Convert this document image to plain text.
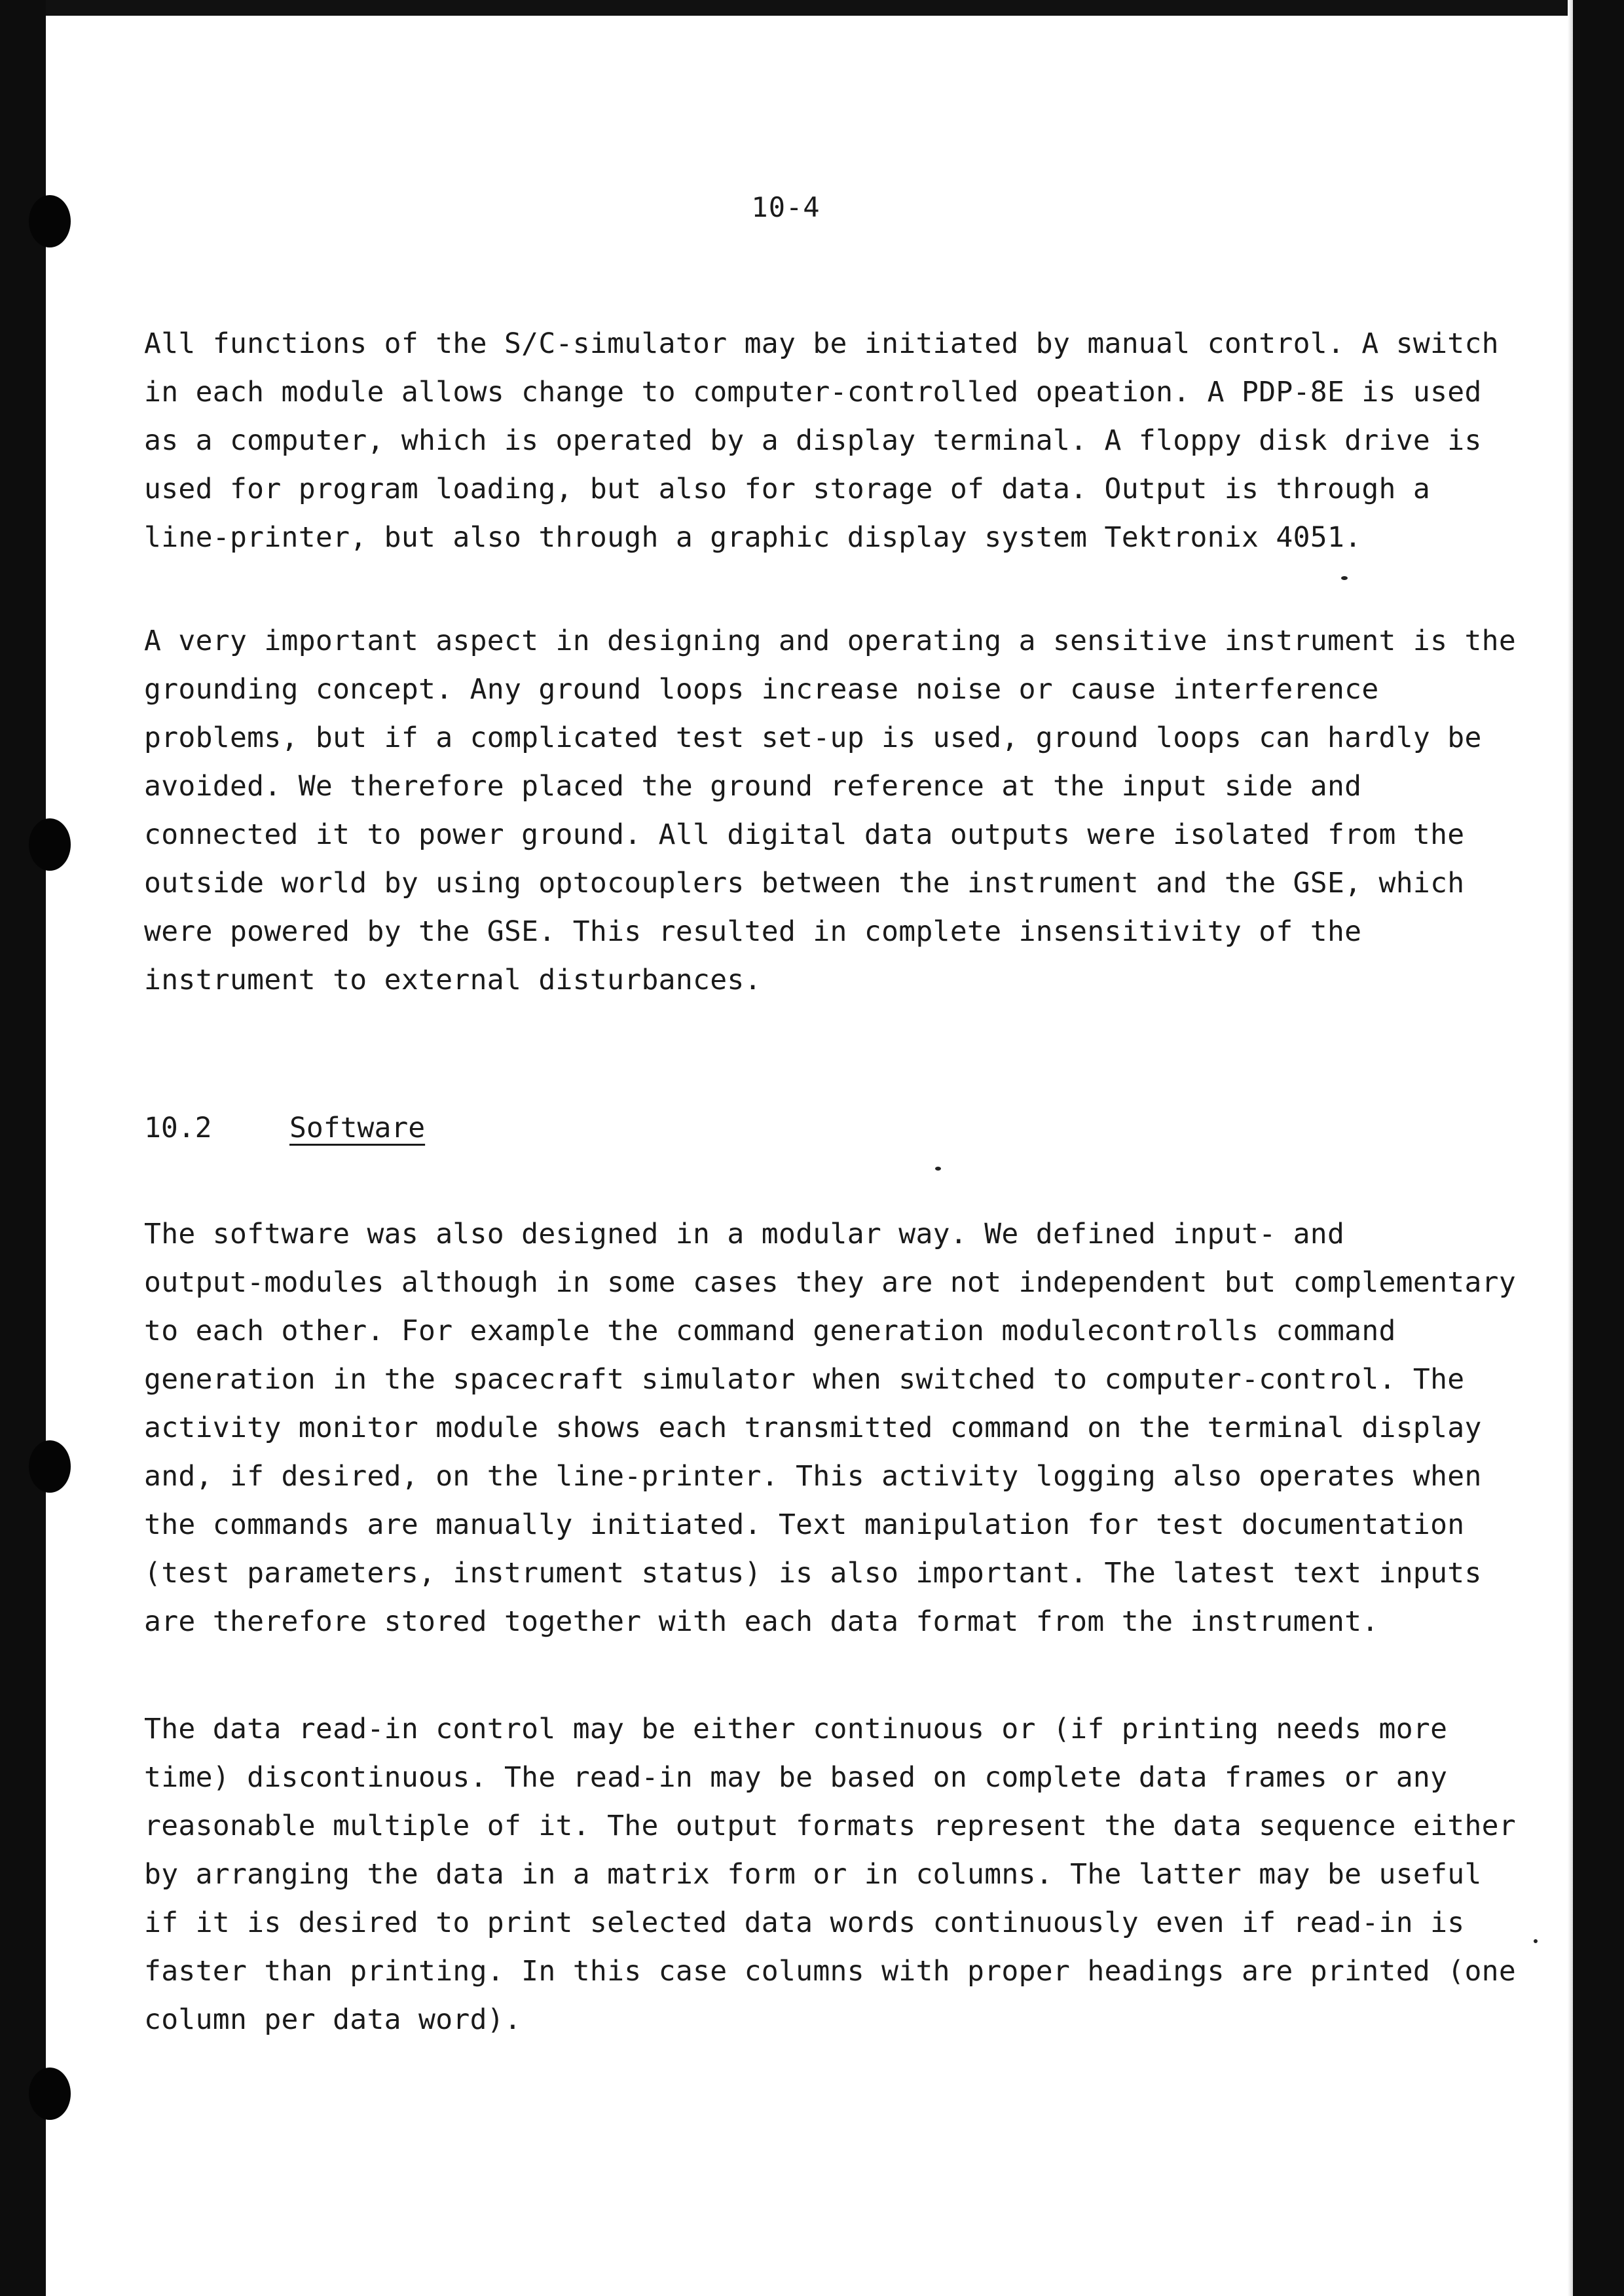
10-4
All functions of the S/C-simulator may be initiated by manual control. A switch
in each module allows change to computer-controlled opeation. A PDP-8E is used
as a computer, which is operated by a display terminal. A floppy disk drive is
used for program loading, but also for storage of data. Output is through a
line-printer, but also through a graphic display system Tektronix 4051.
A very important aspect in designing and operating a sensitive instrument is the
grounding concept. Any ground loops increase noise or cause interference
problems, but if a complicated test set-up is used, ground loops can hardly be
avoided. We therefore placed the ground reference at the input side and
connected it to power ground. All digital data outputs were isolated from the
outside world by using optocouplers between the instrument and the GSE, which
were powered by the GSE. This resulted in complete insensitivity of the
instrument to external disturbances.
10.2	Software
The software was also designed in a modular way. We defined input- and
output-modules although in some cases they are not independent but complementary
to each other. For example the command generation modulecontrolls command
generation in the spacecraft simulator when switched to computer-control. The
activity monitor module shows each transmitted command on the terminal display
and, if desired, on the line-printer. This activity logging also operates when
the commands are manually initiated. Text manipulation for test documentation
(test parameters, instrument status) is also important. The latest text inputs
are therefore stored together with each data format from the instrument.
The data read-in control may be either continuous or (if printing needs more
time) discontinuous. The read-in may be based on complete data frames or any
reasonable multiple of it. The output formats represent the data sequence either
by arranging the data in a matrix form or in columns. The latter may be useful
if it is desired to print selected data words continuously even if read-in is
faster than printing. In this case columns with proper headings are printed (one
column per data word).
